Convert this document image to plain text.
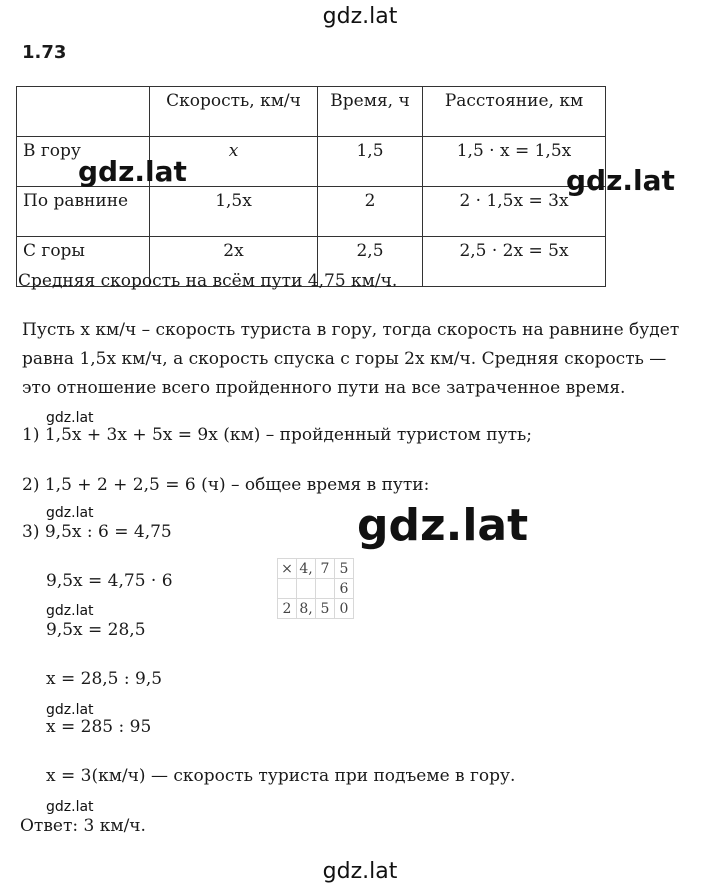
gdz.lat
1.73
	Скорость, км/ч	Время, ч	Расстояние, км
В гору	x	1,5	1,5 · x = 1,5x
По равнине	1,5x	2	2 · 1,5x = 3x
С горы	2x	2,5	2,5 · 2x = 5x
gdz.lat	gdz.lat
Средняя скорость на всём пути 4,75 км/ч.
Пусть x км/ч – скорость туриста в гору, тогда скорость на равнине будет
равна 1,5x км/ч, а скорость спуска с горы 2x км/ч. Средняя скорость —
это отношение всего пройденного пути на все затраченное время.
gdz.lat
1) 1,5x + 3x + 5x = 9x (км) – пройденный туристом путь;
2) 1,5 + 2 + 2,5 = 6 (ч) – общее время в пути:
gdz.lat
3) 9,5x : 6 = 4,75	gdz.lat
9,5x = 4,75 · 6
×	4,	7	5
			6
2	8,	5	0
gdz.lat
9,5x = 28,5
x = 28,5 : 9,5
gdz.lat
x = 285 : 95
x = 3(км/ч) — скорость туриста при подъеме в гору.
gdz.lat
Ответ: 3 км/ч.
gdz.lat
